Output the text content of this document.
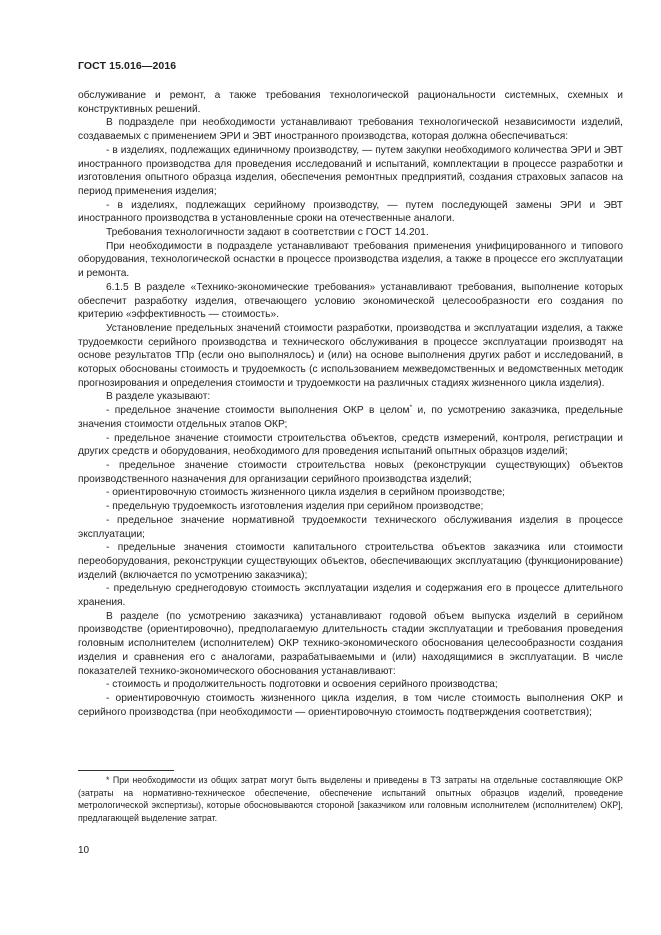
ГОСТ 15.016—2016

обслуживание и ремонт, а также требования технологической рациональности системных, схемных и конструктивных решений.

В подразделе при необходимости устанавливают требования технологической независимости изделий, создаваемых с применением ЭРИ и ЭВТ иностранного производства, которая должна обеспечиваться:

- в изделиях, подлежащих единичному производству, — путем закупки необходимого количества ЭРИ и ЭВТ иностранного производства для проведения исследований и испытаний, комплектации в процессе разработки и изготовления опытного образца изделия, обеспечения ремонтных предприятий, создания страховых запасов на период применения изделия;

- в изделиях, подлежащих серийному производству, — путем последующей замены ЭРИ и ЭВТ иностранного производства в установленные сроки на отечественные аналоги.

Требования технологичности задают в соответствии с ГОСТ 14.201.

При необходимости в подразделе устанавливают требования применения унифицированного и типового оборудования, технологической оснастки в процессе производства изделия, а также в процессе его эксплуатации и ремонта.

6.1.5 В разделе «Технико-экономические требования» устанавливают требования, выполнение которых обеспечит разработку изделия, отвечающего условию экономической целесообразности его создания по критерию «эффективность — стоимость».

Установление предельных значений стоимости разработки, производства и эксплуатации изделия, а также трудоемкости серийного производства и технического обслуживания в процессе эксплуатации производят на основе результатов ТПр (если оно выполнялось) и (или) на основе выполнения других работ и исследований, в которых обоснованы стоимость и трудоемкость (с использованием межведомственных и ведомственных методик прогнозирования и определения стоимости и трудоемкости на различных стадиях жизненного цикла изделия).

В разделе указывают:

- предельное значение стоимости выполнения ОКР в целом* и, по усмотрению заказчика, предельные значения стоимости отдельных этапов ОКР;

- предельное значение стоимости строительства объектов, средств измерений, контроля, регистрации и других средств и оборудования, необходимого для проведения испытаний опытных образцов изделий;

- предельное значение стоимости строительства новых (реконструкции существующих) объектов производственного назначения для организации серийного производства изделий;

- ориентировочную стоимость жизненного цикла изделия в серийном производстве;

- предельную трудоемкость изготовления изделия при серийном производстве;

- предельное значение нормативной трудоемкости технического обслуживания изделия в процессе эксплуатации;

- предельные значения стоимости капитального строительства объектов заказчика или стоимости переоборудования, реконструкции существующих объектов, обеспечивающих эксплуатацию (функционирование) изделий (включается по усмотрению заказчика);

- предельную среднегодовую стоимость эксплуатации изделия и содержания его в процессе длительного хранения.

В разделе (по усмотрению заказчика) устанавливают годовой объем выпуска изделий в серийном производстве (ориентировочно), предполагаемую длительность стадии эксплуатации и требования проведения головным исполнителем (исполнителем) ОКР технико-экономического обоснования целесообразности создания изделия и сравнения его с аналогами, разрабатываемыми и (или) находящимися в эксплуатации. В числе показателей технико-экономического обоснования устанавливают:

- стоимость и продолжительность подготовки и освоения серийного производства;

- ориентировочную стоимость жизненного цикла изделия, в том числе стоимость выполнения ОКР и серийного производства (при необходимости — ориентировочную стоимость подтверждения соответствия);

* При необходимости из общих затрат могут быть выделены и приведены в ТЗ затраты на отдельные составляющие ОКР (затраты на нормативно-техническое обеспечение, обеспечение испытаний опытных образцов изделий, проведение метрологической экспертизы), которые обосновываются стороной [заказчиком или головным исполнителем (исполнителем) ОКР], предлагающей выделение затрат.

10
